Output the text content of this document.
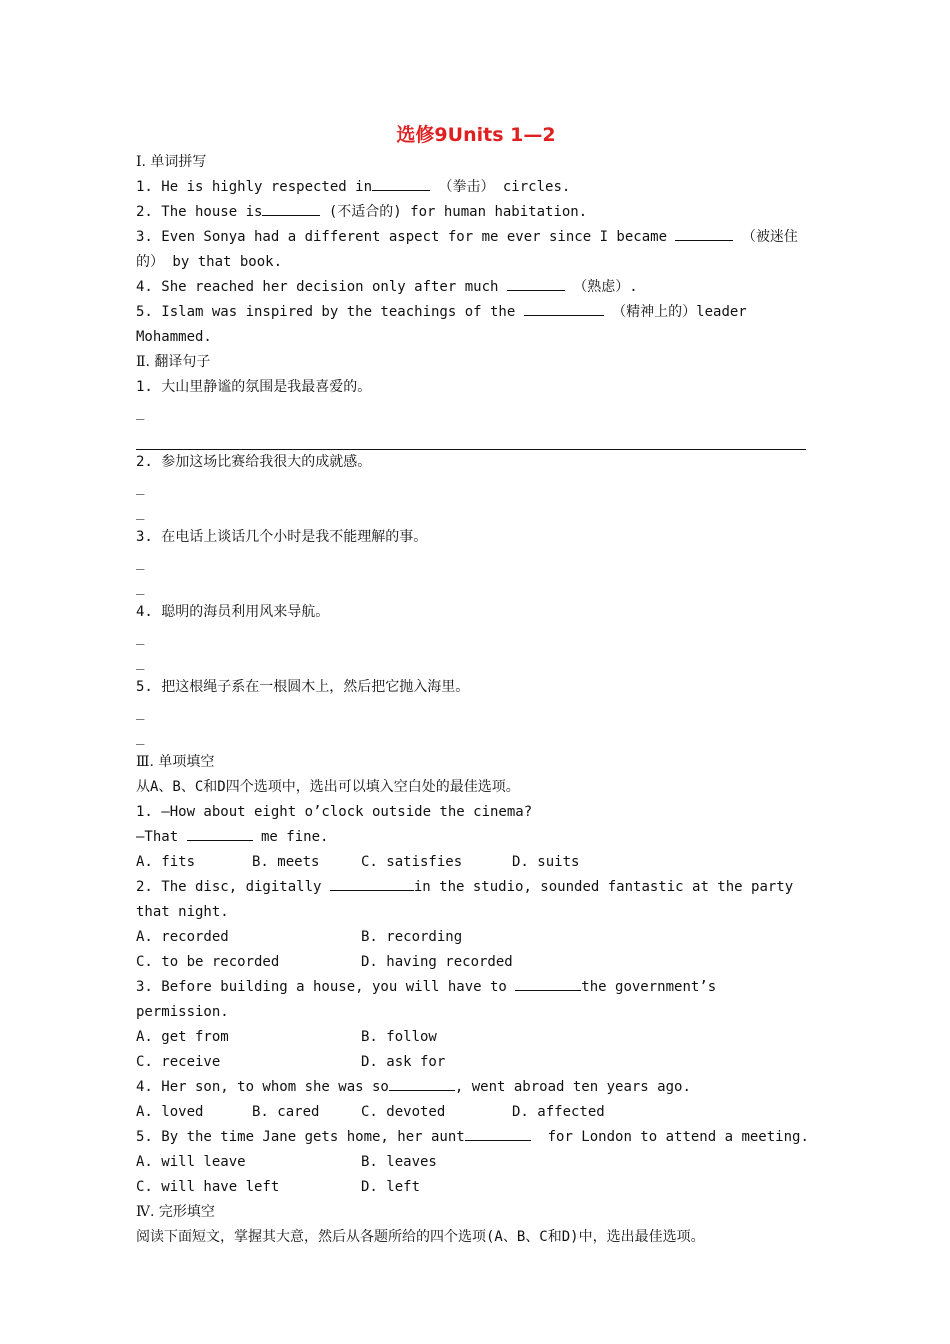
选修9Units 1—2
Ⅰ. 单词拼写
1. He is highly respected in	（拳击） circles.
2. The house is	(不适合的) for human habitation.
3. Even Sonya had a different aspect for me ever since I became	（被迷住
的） by that book.
4. She reached her decision only after much	（熟虑）.
5. Islam was inspired by the teachings of the	（精神上的）leader
Mohammed.
Ⅱ. 翻译句子
1. 大山里静谧的氛围是我最喜爱的。
_
2. 参加这场比赛给我很大的成就感。
_
_
3. 在电话上谈话几个小时是我不能理解的事。
_
_
4. 聪明的海员利用风来导航。
_
_
5. 把这根绳子系在一根圆木上，然后把它抛入海里。
_
_
Ⅲ. 单项填空
从A、B、C和D四个选项中，选出可以填入空白处的最佳选项。
1. —How about eight o’clock outside the cinema?
—That	me fine.
A. fits	B. meets	C. satisfies	D. suits
2. The disc, digitally	in the studio, sounded fantastic at the party
that night.
A. recorded	B. recording
C. to be recorded	D. having recorded
3. Before building a house, you will have to	the government’s permission.
A. get from	B. follow
C. receive	D. ask for
4. Her son, to whom she was so	, went abroad ten years ago.
A. loved	B. cared	C. devoted	D. affected
5. By the time Jane gets home, her aunt	for London to attend a meeting.
A. will leave	B. leaves
C. will have left	D. left
Ⅳ. 完形填空
阅读下面短文，掌握其大意，然后从各题所给的四个选项(A、B、C和D)中，选出最佳选项。
